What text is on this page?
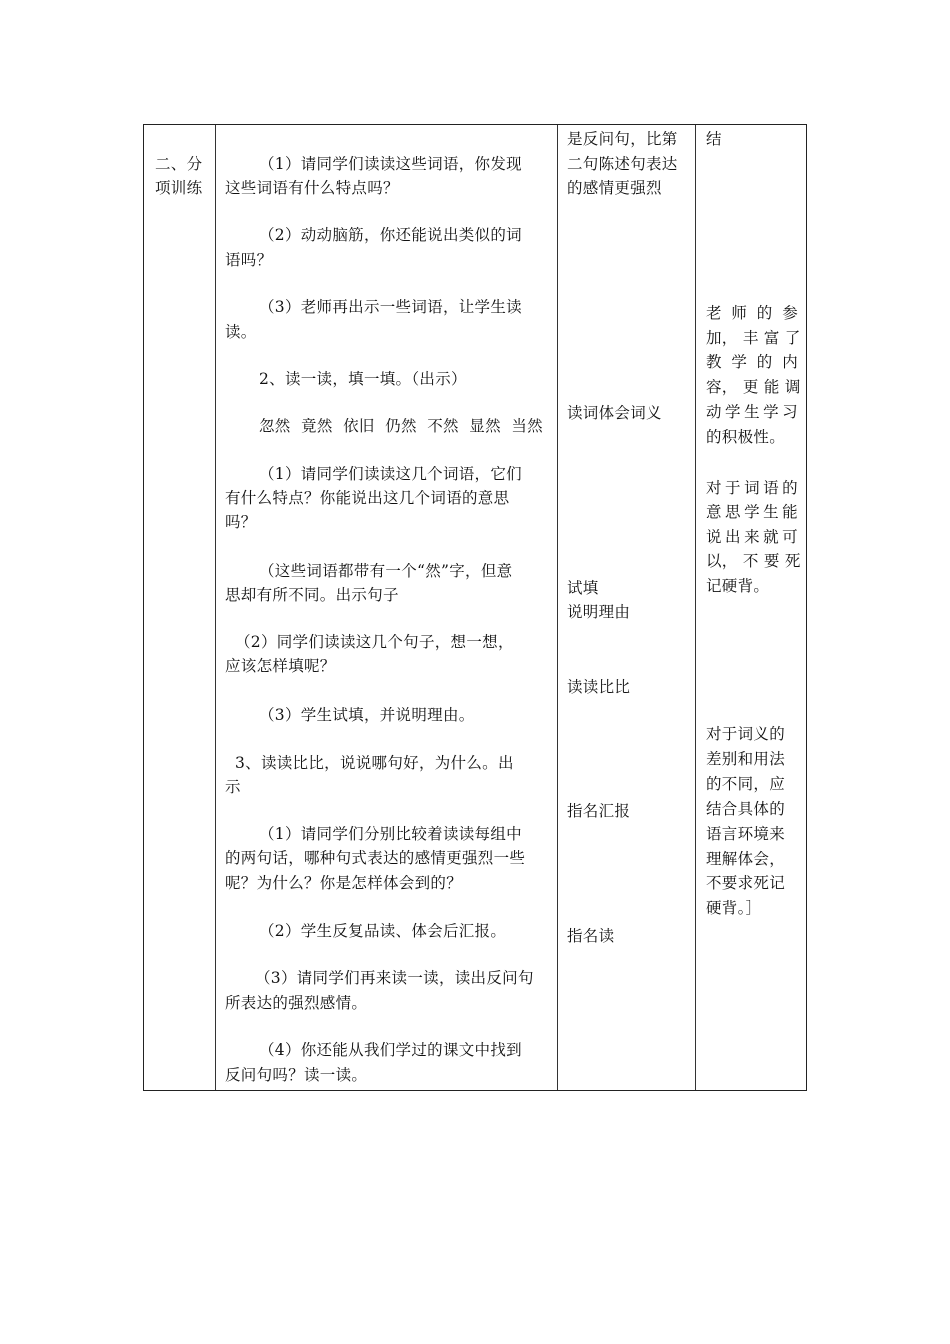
二、分
项训练
（1）请同学们读读这些词语，你发现
这些词语有什么特点吗？
（2）动动脑筋，你还能说出类似的词
语吗？
（3）老师再出示一些词语，让学生读
读。
2、读一读，填一填。（出示）
忽然  竟然  依旧  仍然  不然  显然  当然
（1）请同学们读读这几个词语，它们
有什么特点？你能说出这几个词语的意思
吗？
（这些词语都带有一个“然”字，但意
思却有所不同。出示句子
（2）同学们读读这几个句子，想一想，
应该怎样填呢？
（3）学生试填，并说明理由。
3、读读比比，说说哪句好，为什么。出
示
（1）请同学们分别比较着读读每组中
的两句话，哪种句式表达的感情更强烈一些
呢？为什么？你是怎样体会到的？
（2）学生反复品读、体会后汇报。
（3）请同学们再来读一读，读出反问句
所表达的强烈感情。
（4）你还能从我们学过的课文中找到
反问句吗？读一读。
是反问句，比第
二句陈述句表达
的感情更强烈
读词体会词义
试填
说明理由
读读比比
指名汇报
指名读
结
老 师 的 参
加， 丰 富 了
教 学 的 内
容， 更 能 调
动学生学习
的积极性。
对于词语的
意思学生能
说出来就可
以， 不 要 死
记硬背。
对于词义的
差别和用法
的不同，应
结合具体的
语言环境来
理解体会，
不要求死记
硬背。］
